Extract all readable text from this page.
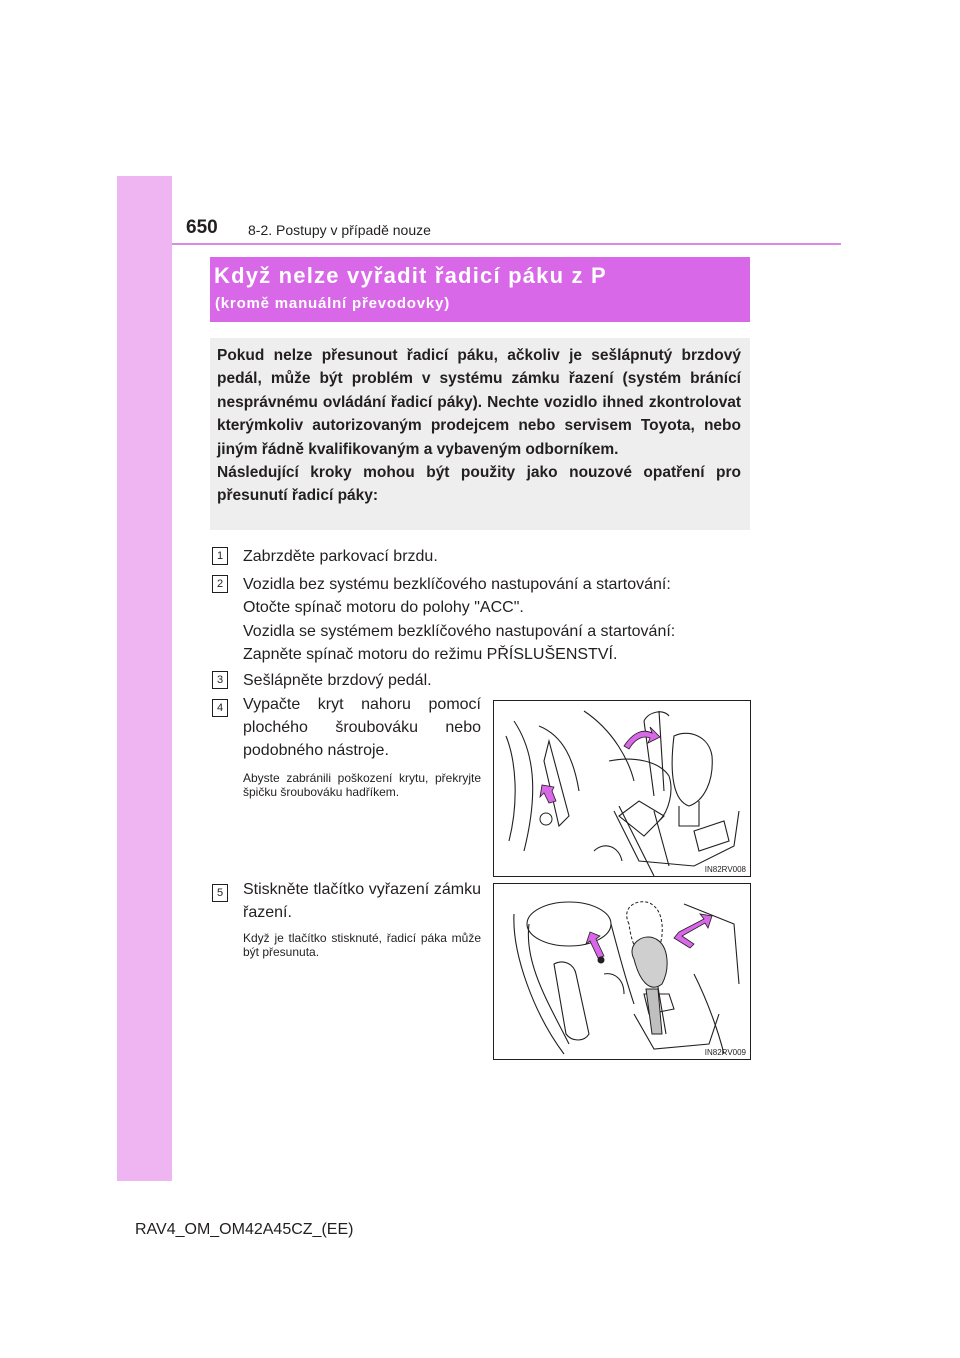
650 8-2. Postupy v případě nouze
Když nelze vyřadit řadicí páku z P
(kromě manuální převodovky)

Pokud nelze přesunout řadicí páku, ačkoliv je sešlápnutý brzdový pedál, může být problém v systému zámku řazení (systém bránící nesprávnému ovládání řadicí páky). Nechte vozidlo ihned zkontrolovat kterýmkoliv autorizovaným prodejcem nebo servisem Toyota, nebo jiným řádně kvalifikovaným a vybaveným odborníkem.
Následující kroky mohou být použity jako nouzové opatření pro přesunutí řadicí páky:

1	Zabrzděte parkovací brzdu.
2	Vozidla bez systému bezklíčového nastupování a startování:
Otočte spínač motoru do polohy "ACC".
Vozidla se systémem bezklíčového nastupování a startování:
Zapněte spínač motoru do režimu PŘÍSLUŠENSTVÍ.
3	Sešlápněte brzdový pedál.
4	Vypačte kryt nahoru pomocí plochého šroubováku nebo podobného nástroje.

Abyste zabránili poškození krytu, překryjte špičku šroubováku hadříkem.

IN82RV008
5	Stiskněte tlačítko vyřazení zámku řazení.

Když je tlačítko stisknuté, řadicí páka může být přesunuta.

IN82RV009
RAV4_OM_OM42A45CZ_(EE)
